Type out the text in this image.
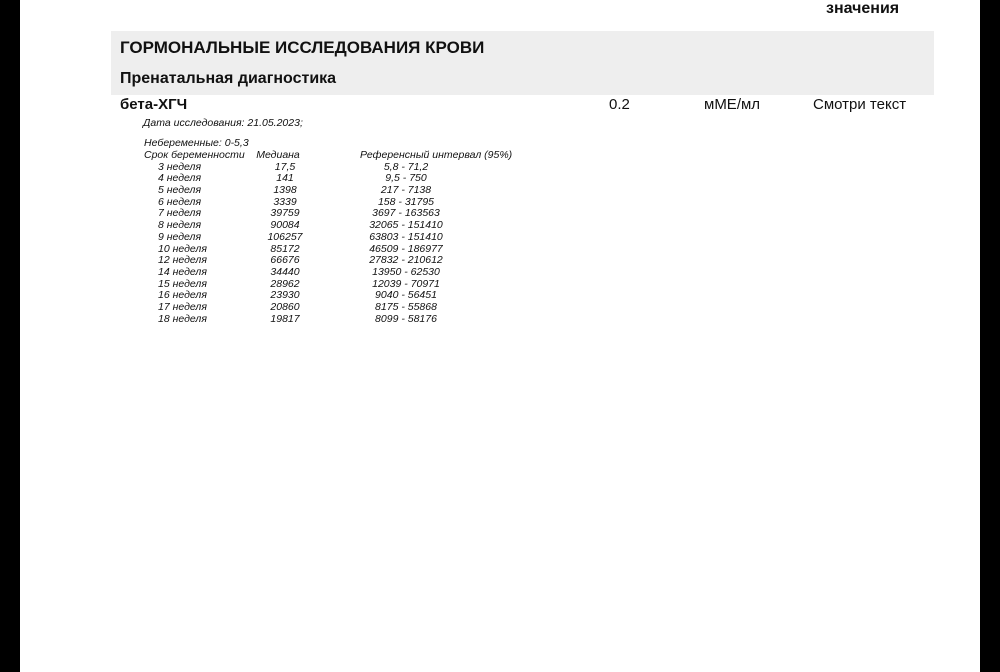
значения
ГОРМОНАЛЬНЫЕ ИССЛЕДОВАНИЯ КРОВИ
Пренатальная диагностика
бета-ХГЧ	0.2	мМЕ/мл	Смотри текст
Дата исследования: 21.05.2023;
Небеременные: 0-5,3
Срок беременности	Медиана	Референсный интервал (95%)
3 неделя	17,5	5,8 - 71,2
4 неделя	141	9,5 - 750
5 неделя	1398	217 - 7138
6 неделя	3339	158 - 31795
7 неделя	39759	3697 - 163563
8 неделя	90084	32065 - 151410
9 неделя	106257	63803 - 151410
10 неделя	85172	46509 - 186977
12 неделя	66676	27832 - 210612
14 неделя	34440	13950 - 62530
15 неделя	28962	12039 - 70971
16 неделя	23930	9040 - 56451
17 неделя	20860	8175 - 55868
18 неделя	19817	8099 - 58176
